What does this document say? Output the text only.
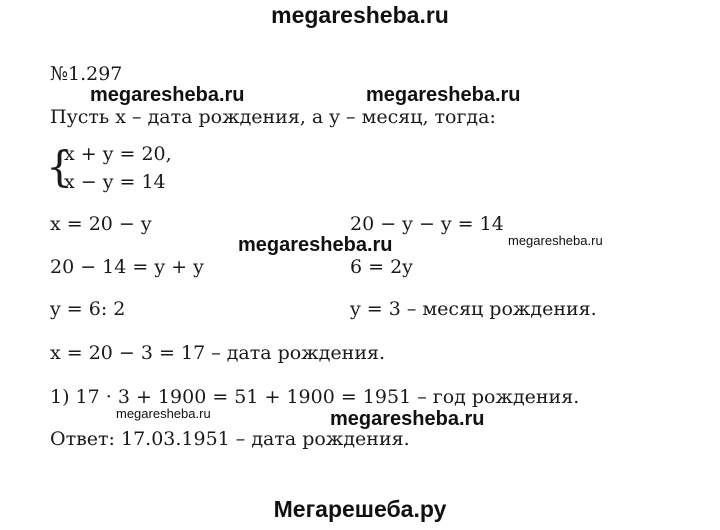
megaresheba.ru
№1.297
megaresheba.ru	megaresheba.ru
Пусть x – дата рождения, а y – месяц, тогда:
{
x + y = 20,
x − y = 14
x = 20 − y	20 − y − y = 14
megaresheba.ru	megaresheba.ru
20 − 14 = y + y	6 = 2y
y = 6: 2	y = 3 – месяц рождения.
x = 20 − 3 = 17 – дата рождения.
1) 17 · 3 + 1900 = 51 + 1900 = 1951 – год рождения.
megaresheba.ru	megaresheba.ru
Ответ: 17.03.1951 – дата рождения.
Мегарешеба.ру
